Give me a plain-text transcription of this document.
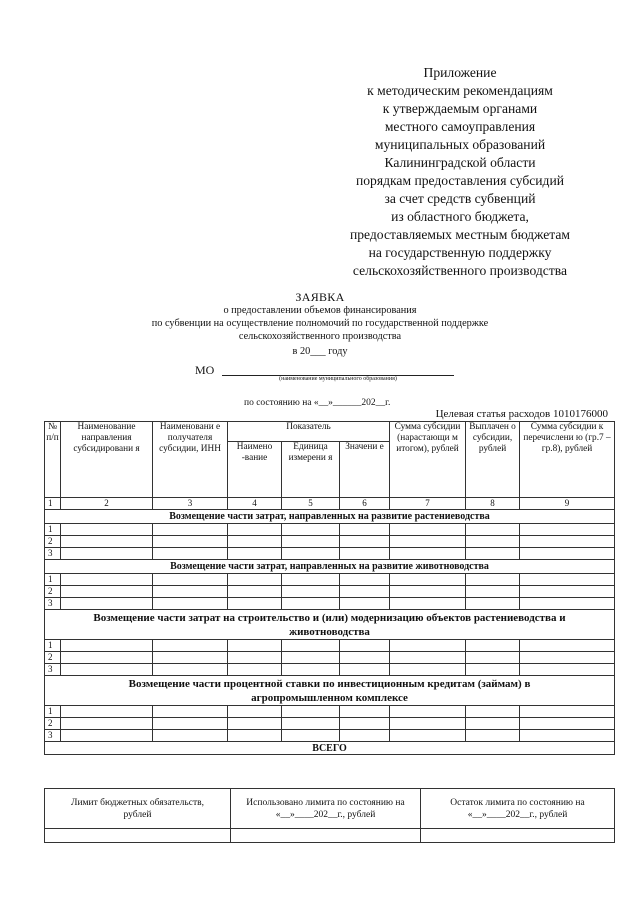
Приложение
к методическим рекомендациям
к утверждаемым органами
местного самоуправления
муниципальных образований
Калининградской области
порядкам предоставления субсидий
за счет средств субвенций
из областного бюджета,
предоставляемых местным бюджетам
на государственную поддержку
сельскохозяйственного производства
ЗАЯВКА
о предоставлении объемов финансирования
по субвенции на осуществление полномочий по государственной поддержке
сельскохозяйственного производства
в 20___ году
МО
(наименование муниципального образования)
по состоянию на «__»______202__г.
Целевая статья расходов 1010176000
№ п/п	Наименование направления субсидировани я	Наименовани е получателя субсидии, ИНН	Показатель			Сумма субсидии (нарастающи м итогом), рублей	Выплачен о субсидии, рублей	Сумма субсидии к перечислени ю (гр.7 – гр.8), рублей
			Наимено -вание	Единица измерени я	Значени е			
1	2	3	4	5	6	7	8	9
Возмещение части затрат, направленных на развитие растениеводства								
1								
2								
3								
Возмещение части затрат, направленных на развитие животноводства								
1								
2								
3								
Возмещение части затрат на строительство и (или) модернизацию объектов растениеводства и животноводства								
1								
2								
3								
Возмещение части процентной ставки по инвестиционным кредитам (займам) в агропромышленном комплексе								
1								
2								
3								
ВСЕГО								
Лимит бюджетных обязательств, рублей	Использовано лимита по состоянию на «__»____202__г., рублей	Остаток лимита по состоянию на «__»____202__г., рублей
